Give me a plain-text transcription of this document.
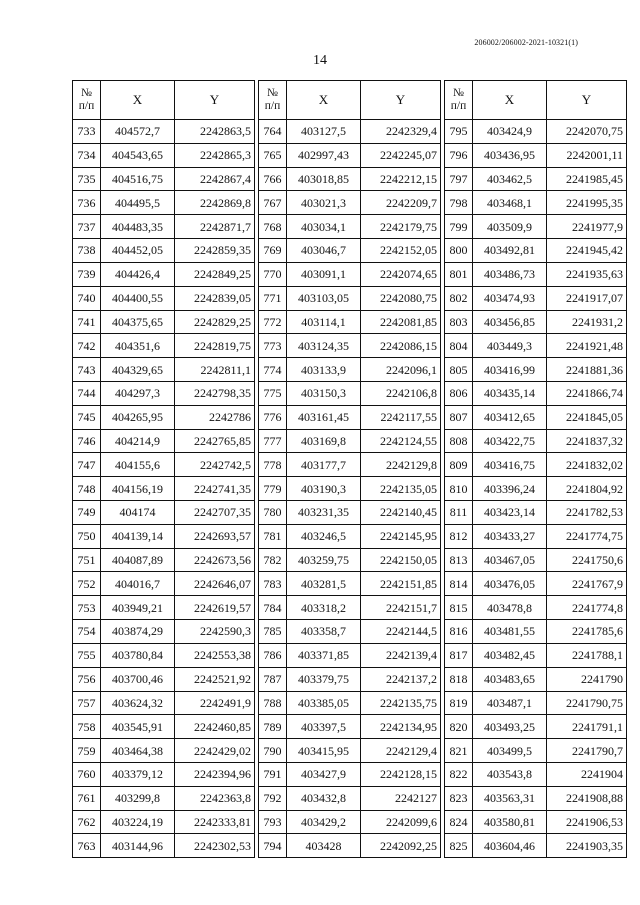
206002/206002-2021-10321(1)
14
№
п/п	X	Y
733	404572,7	2242863,5
734	404543,65	2242865,3
735	404516,75	2242867,4
736	404495,5	2242869,8
737	404483,35	2242871,7
738	404452,05	2242859,35
739	404426,4	2242849,25
740	404400,55	2242839,05
741	404375,65	2242829,25
742	404351,6	2242819,75
743	404329,65	2242811,1
744	404297,3	2242798,35
745	404265,95	2242786
746	404214,9	2242765,85
747	404155,6	2242742,5
748	404156,19	2242741,35
749	404174	2242707,35
750	404139,14	2242693,57
751	404087,89	2242673,56
752	404016,7	2242646,07
753	403949,21	2242619,57
754	403874,29	2242590,3
755	403780,84	2242553,38
756	403700,46	2242521,92
757	403624,32	2242491,9
758	403545,91	2242460,85
759	403464,38	2242429,02
760	403379,12	2242394,96
761	403299,8	2242363,8
762	403224,19	2242333,81
763	403144,96	2242302,53
№
п/п	X	Y
764	403127,5	2242329,4
765	402997,43	2242245,07
766	403018,85	2242212,15
767	403021,3	2242209,7
768	403034,1	2242179,75
769	403046,7	2242152,05
770	403091,1	2242074,65
771	403103,05	2242080,75
772	403114,1	2242081,85
773	403124,35	2242086,15
774	403133,9	2242096,1
775	403150,3	2242106,8
776	403161,45	2242117,55
777	403169,8	2242124,55
778	403177,7	2242129,8
779	403190,3	2242135,05
780	403231,35	2242140,45
781	403246,5	2242145,95
782	403259,75	2242150,05
783	403281,5	2242151,85
784	403318,2	2242151,7
785	403358,7	2242144,5
786	403371,85	2242139,4
787	403379,75	2242137,2
788	403385,05	2242135,75
789	403397,5	2242134,95
790	403415,95	2242129,4
791	403427,9	2242128,15
792	403432,8	2242127
793	403429,2	2242099,6
794	403428	2242092,25
№
п/п	X	Y
795	403424,9	2242070,75
796	403436,95	2242001,11
797	403462,5	2241985,45
798	403468,1	2241995,35
799	403509,9	2241977,9
800	403492,81	2241945,42
801	403486,73	2241935,63
802	403474,93	2241917,07
803	403456,85	2241931,2
804	403449,3	2241921,48
805	403416,99	2241881,36
806	403435,14	2241866,74
807	403412,65	2241845,05
808	403422,75	2241837,32
809	403416,75	2241832,02
810	403396,24	2241804,92
811	403423,14	2241782,53
812	403433,27	2241774,75
813	403467,05	2241750,6
814	403476,05	2241767,9
815	403478,8	2241774,8
816	403481,55	2241785,6
817	403482,45	2241788,1
818	403483,65	2241790
819	403487,1	2241790,75
820	403493,25	2241791,1
821	403499,5	2241790,7
822	403543,8	2241904
823	403563,31	2241908,88
824	403580,81	2241906,53
825	403604,46	2241903,35
